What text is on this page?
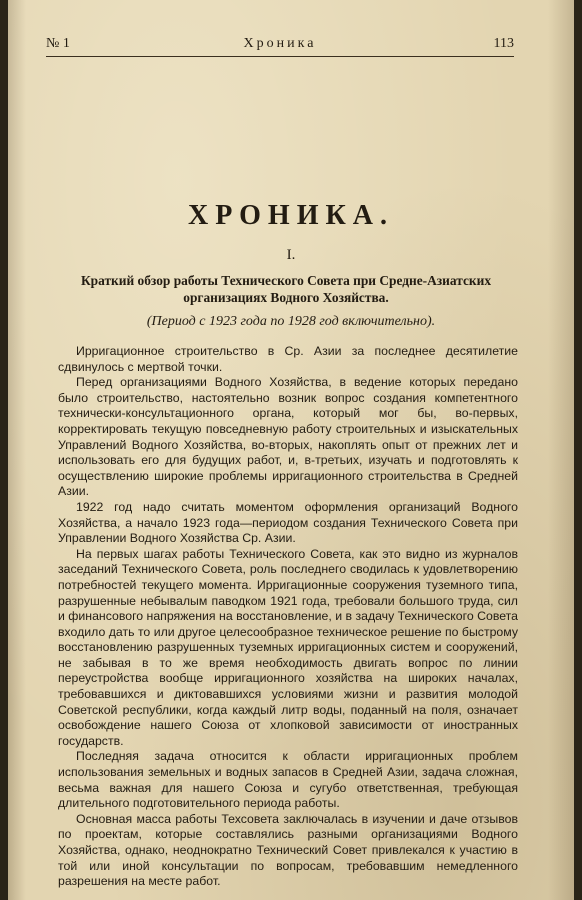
№ 1	Хроника	113
ХРОНИКА.
I.
Краткий обзор работы Технического Совета при Средне-Азиатских организациях Водного Хозяйства.
(Период с 1923 года по 1928 год включительно).

Ирригационное строительство в Ср. Азии за последнее десятилетие сдвинулось с мертвой точки.

Перед организациями Водного Хозяйства, в ведение которых передано было строительство, настоятельно возник вопрос создания компетентного технически-консультационного органа, который мог бы, во-первых, корректировать текущую повседневную работу строительных и изыскательных Управлений Водного Хозяйства, во-вторых, накоплять опыт от прежних лет и использовать его для будущих работ, и, в-третьих, изучать и подготовлять к осуществлению широкие проблемы ирригационного строительства в Средней Азии.

1922 год надо считать моментом оформления организаций Водного Хозяйства, а начало 1923 года—периодом создания Технического Совета при Управлении Водного Хозяйства Ср. Азии.

На первых шагах работы Технического Совета, как это видно из журналов заседаний Технического Совета, роль последнего сводилась к удовлетворению потребностей текущего момента. Ирригационные сооружения туземного типа, разрушенные небывалым паводком 1921 года, требовали большого труда, сил и финансового напряжения на восстановление, и в задачу Технического Совета входило дать то или другое целесообразное техническое решение по быстрому восстановлению разрушенных туземных ирригационных систем и сооружений, не забывая в то же время необходимость двигать вопрос по линии переустройства вообще ирригационного хозяйства на широких началах, требовавшихся и диктовавшихся условиями жизни и развития молодой Советской республики, когда каждый литр воды, поданный на поля, означает освобождение нашего Союза от хлопковой зависимости от иностранных государств.

Последняя задача относится к области ирригационных проблем использования земельных и водных запасов в Средней Азии, задача сложная, весьма важная для нашего Союза и сугубо ответственная, требующая длительного подготовительного периода работы.

Основная масса работы Техсовета заключалась в изучении и даче отзывов по проектам, которые составлялись разными организациями Водного Хозяйства, однако, неоднократно Технический Совет привлекался к участию в той или иной консультации по вопросам, требовавшим немедленного разрешения на месте работ.
